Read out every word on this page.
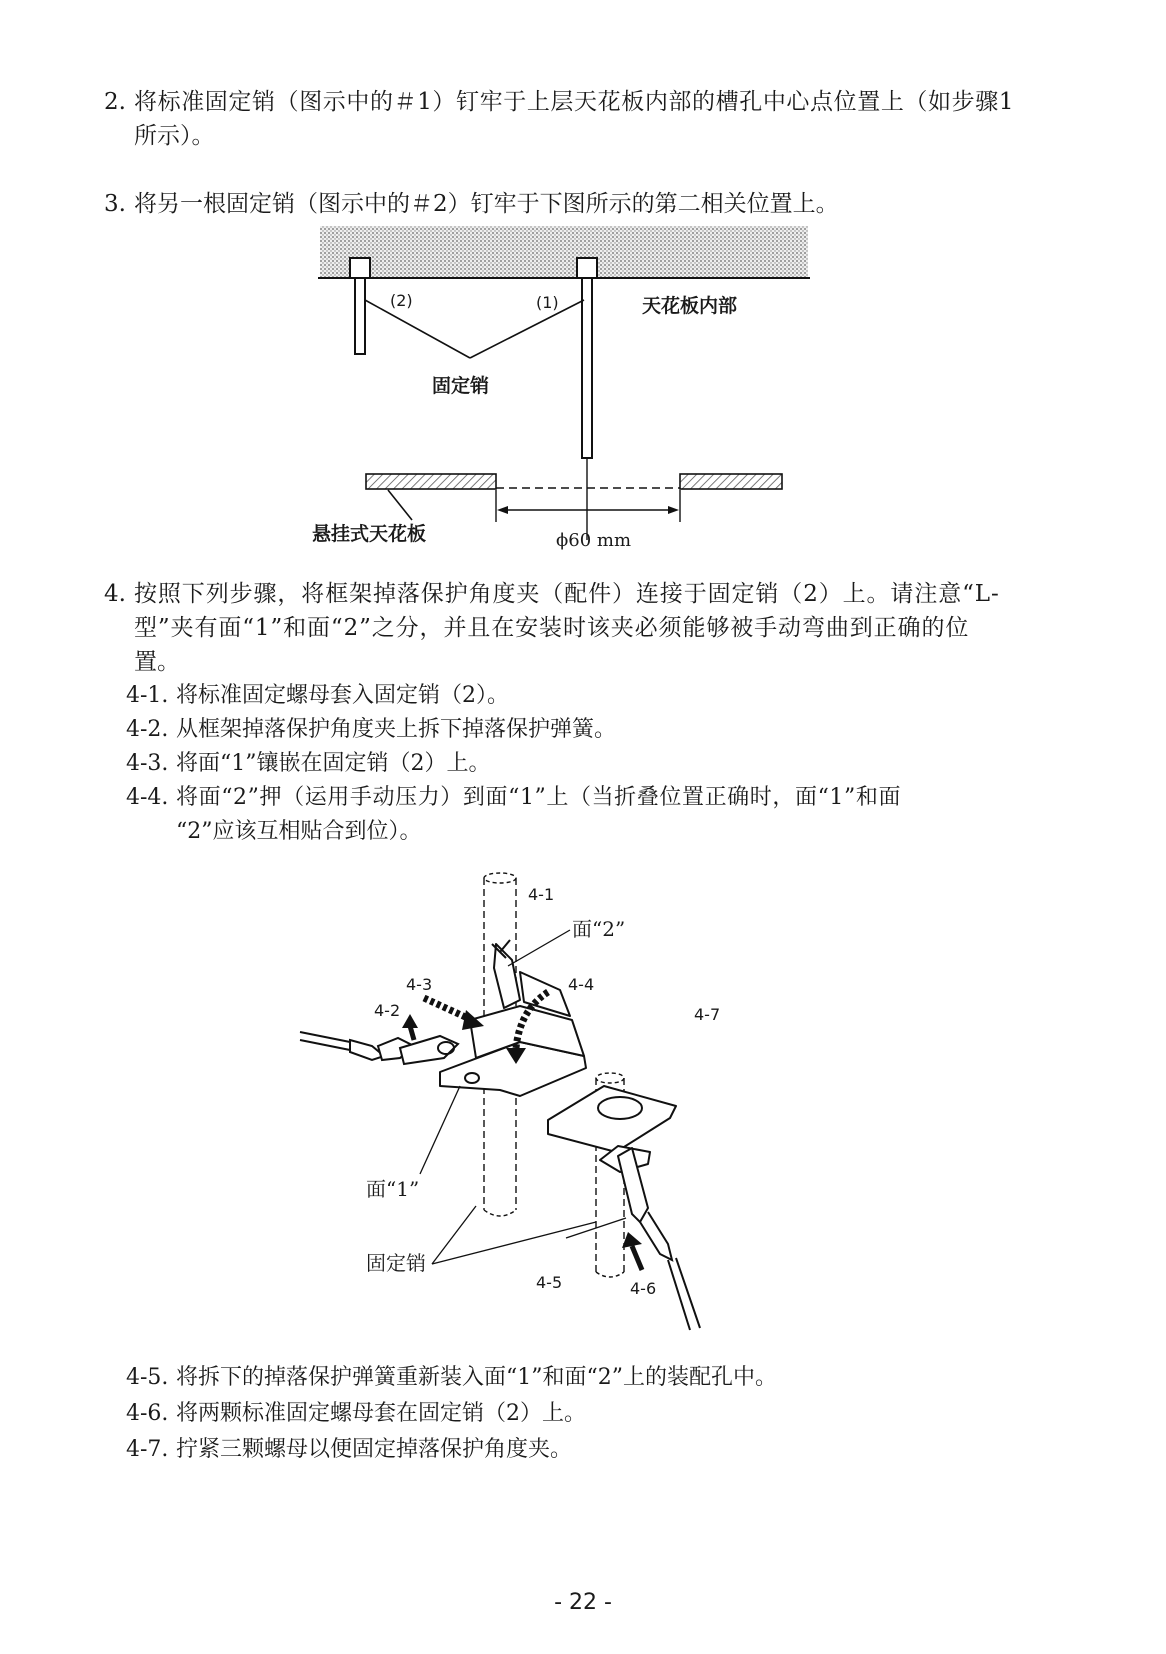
2. 将标准固定销（图示中的＃1）钉牢于上层天花板内部的槽孔中心点位置上（如步骤1
所示）。
3. 将另一根固定销（图示中的＃2）钉牢于下图所示的第二相关位置上。
(2)	(1)	天花板内部
固定销
悬挂式天花板	ϕ60 mm
4. 按照下列步骤，将框架掉落保护角度夹（配件）连接于固定销（2）上。请注意“L-
型”夹有面“1”和面“2”之分，并且在安装时该夹必须能够被手动弯曲到正确的位
置。
4-1. 将标准固定螺母套入固定销（2）。
4-2. 从框架掉落保护角度夹上拆下掉落保护弹簧。
4-3. 将面“1”镶嵌在固定销（2）上。
4-4. 将面“2”押（运用手动压力）到面“1”上（当折叠位置正确时，面“1”和面
“2”应该互相贴合到位）。
4-1
面“2”
4-3	4-4
4-2	4-7
面“1”
固定销
4-5	4-6
4-5. 将拆下的掉落保护弹簧重新装入面“1”和面“2”上的装配孔中。
4-6. 将两颗标准固定螺母套在固定销（2）上。
4-7. 拧紧三颗螺母以便固定掉落保护角度夹。
- 22 -
